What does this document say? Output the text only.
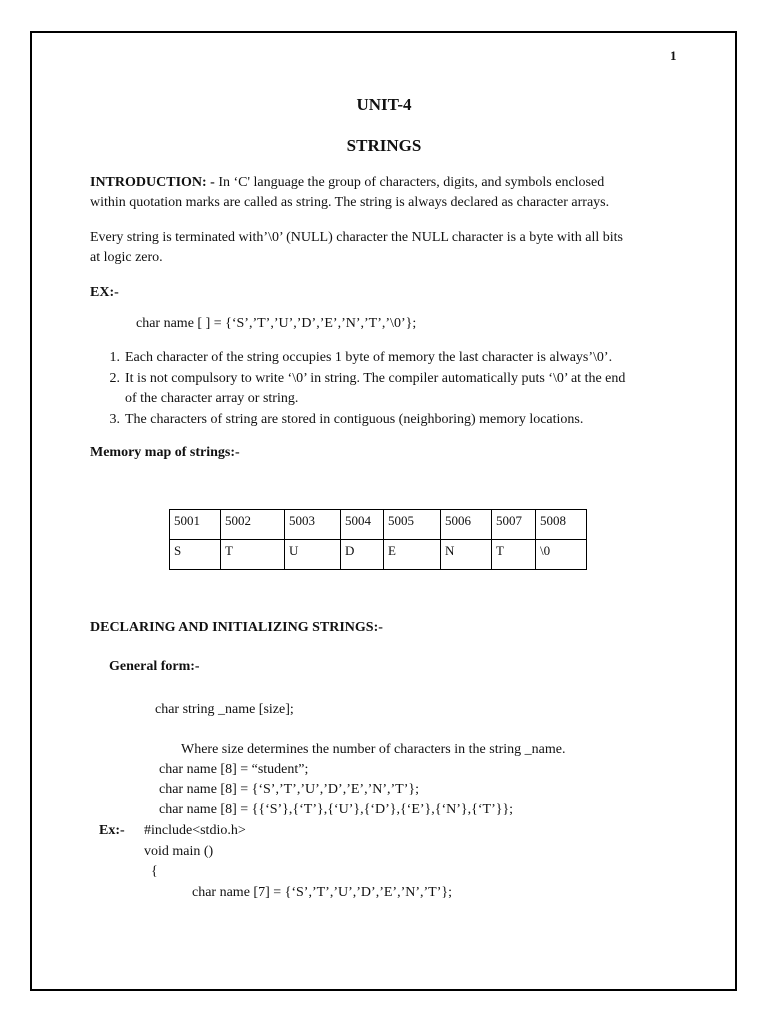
1
UNIT-4
STRINGS
INTRODUCTION: - In ‘C' language the group of characters, digits, and symbols enclosed
within quotation marks are called as string. The string is always declared as character arrays.
Every string is terminated with’\0’ (NULL) character the NULL character is a byte with all bits
at logic zero.
EX:-
char name [ ] = {‘S’,’T’,’U’,’D’,’E’,’N’,’T’,’\0’};
1. Each character of the string occupies 1 byte of memory the last character is always’\0’.
2. It is not compulsory to write ‘\0’ in string. The compiler automatically puts ‘\0’ at the end
of the character array or string.
3. The characters of string are stored in contiguous (neighboring) memory locations.
Memory map of strings:-
5001	5002	5003	5004	5005	5006	5007	5008
S	T	U	D	E	N	T	\0
DECLARING AND INITIALIZING STRINGS:-
General form:-
char string _name [size];
Where size determines the number of characters in the string _name.
char name [8] = “student”;
char name [8] = {‘S’,’T’,’U’,’D’,’E’,’N’,’T’};
char name [8] = {{‘S’},{‘T’},{‘U’},{‘D’},{‘E’},{‘N’},{‘T’}};
Ex:- #include<stdio.h>
void main ()
{
char name [7] = {‘S’,’T’,’U’,’D’,’E’,’N’,’T’};
